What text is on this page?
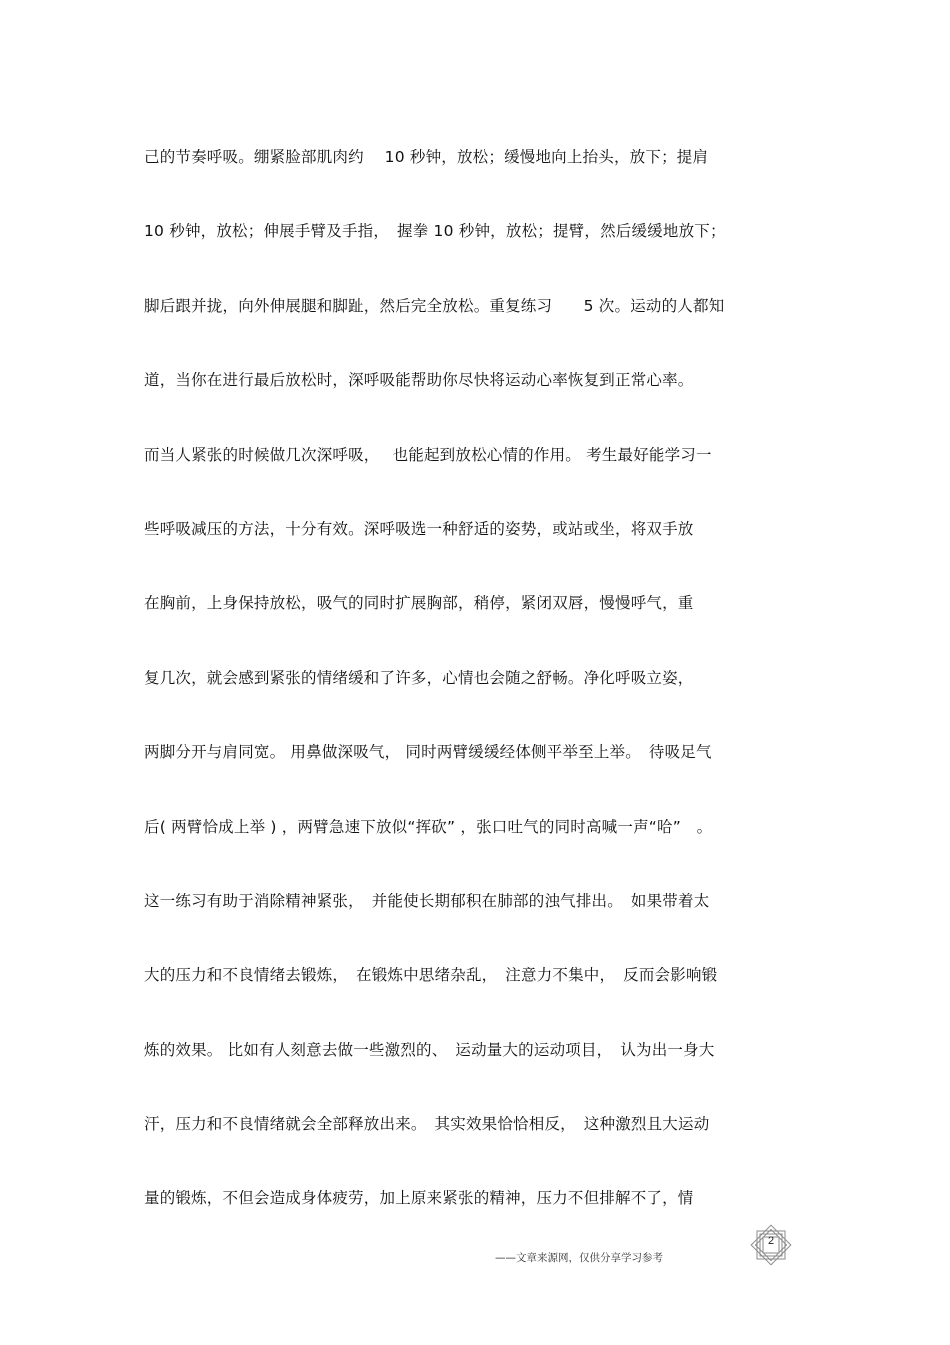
己的节奏呼吸。绷紧脸部肌肉约　 10 秒钟，放松；缓慢地向上抬头，放下；提肩
10 秒钟，放松；伸展手臂及手指，　握拳 10 秒钟，放松；提臂，然后缓缓地放下；
脚后跟并拢，向外伸展腿和脚趾，然后完全放松。重复练习　　5 次。运动的人都知
道，当你在进行最后放松时，深呼吸能帮助你尽快将运动心率恢复到正常心率。
而当人紧张的时候做几次深呼吸，　 也能起到放松心情的作用。 考生最好能学习一
些呼吸减压的方法，十分有效。深呼吸选一种舒适的姿势，或站或坐，将双手放
在胸前，上身保持放松，吸气的同时扩展胸部，稍停，紧闭双唇，慢慢呼气，重
复几次，就会感到紧张的情绪缓和了许多，心情也会随之舒畅。净化呼吸立姿，
两脚分开与肩同宽。 用鼻做深吸气， 同时两臂缓缓经体侧平举至上举。　待吸足气
后( 两臂恰成上举 ) ，两臂急速下放似“挥砍” ，张口吐气的同时高喊一声“哈”　。
这一练习有助于消除精神紧张，　并能使长期郁积在肺部的浊气排出。　如果带着太
大的压力和不良情绪去锻炼，　在锻炼中思绪杂乱，　注意力不集中，　反而会影响锻
炼的效果。 比如有人刻意去做一些激烈的、　运动量大的运动项目，　认为出一身大
汗，压力和不良情绪就会全部释放出来。　其实效果恰恰相反，　这种激烈且大运动
量的锻炼，不但会造成身体疲劳，加上原来紧张的精神，压力不但排解不了，情
2
——文章来源网，仅供分享学习参考
